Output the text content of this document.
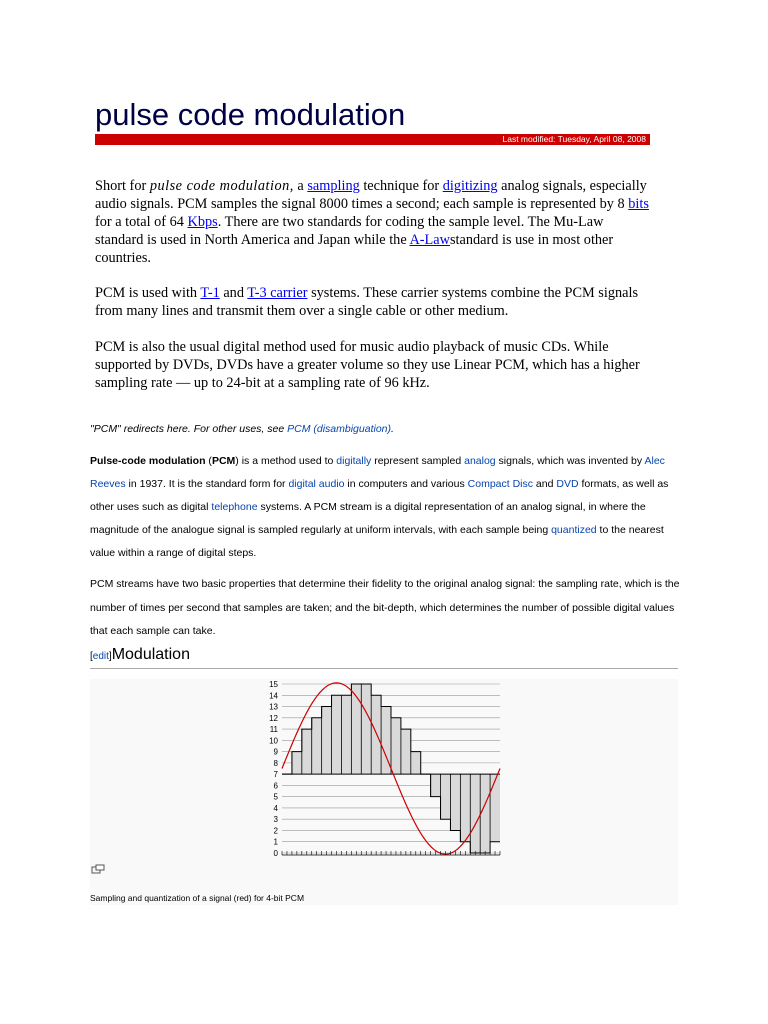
pulse code modulation
Last modified: Tuesday, April 08, 2008

Short for pulse code modulation, a sampling technique for digitizing analog signals, especially audio signals. PCM samples the signal 8000 times a second; each sample is represented by 8 bits for a total of 64 Kbps. There are two standards for coding the sample level. The Mu-Law standard is used in North America and Japan while the A-Lawstandard is use in most other countries.

PCM is used with T-1 and T-3 carrier systems. These carrier systems combine the PCM signals from many lines and transmit them over a single cable or other medium.

PCM is also the usual digital method used for music audio playback of music CDs. While supported by DVDs, DVDs have a greater volume so they use Linear PCM, which has a higher sampling rate — up to 24-bit at a sampling rate of 96 kHz.

"PCM" redirects here. For other uses, see PCM (disambiguation).

Pulse-code modulation (PCM) is a method used to digitally represent sampled analog signals, which was invented by Alec Reeves in 1937. It is the standard form for digital audio in computers and various Compact Disc and DVD formats, as well as other uses such as digital telephone systems. A PCM stream is a digital representation of an analog signal, in where the magnitude of the analogue signal is sampled regularly at uniform intervals, with each sample being quantized to the nearest value within a range of digital steps.

PCM streams have two basic properties that determine their fidelity to the original analog signal: the sampling rate, which is the number of times per second that samples are taken; and the bit-depth, which determines the number of possible digital values that each sample can take.

[edit]Modulation
0
1
2
3
4
5
6
7
8
9
10
11
12
13
14
15
Sampling and quantization of a signal (red) for 4-bit PCM
